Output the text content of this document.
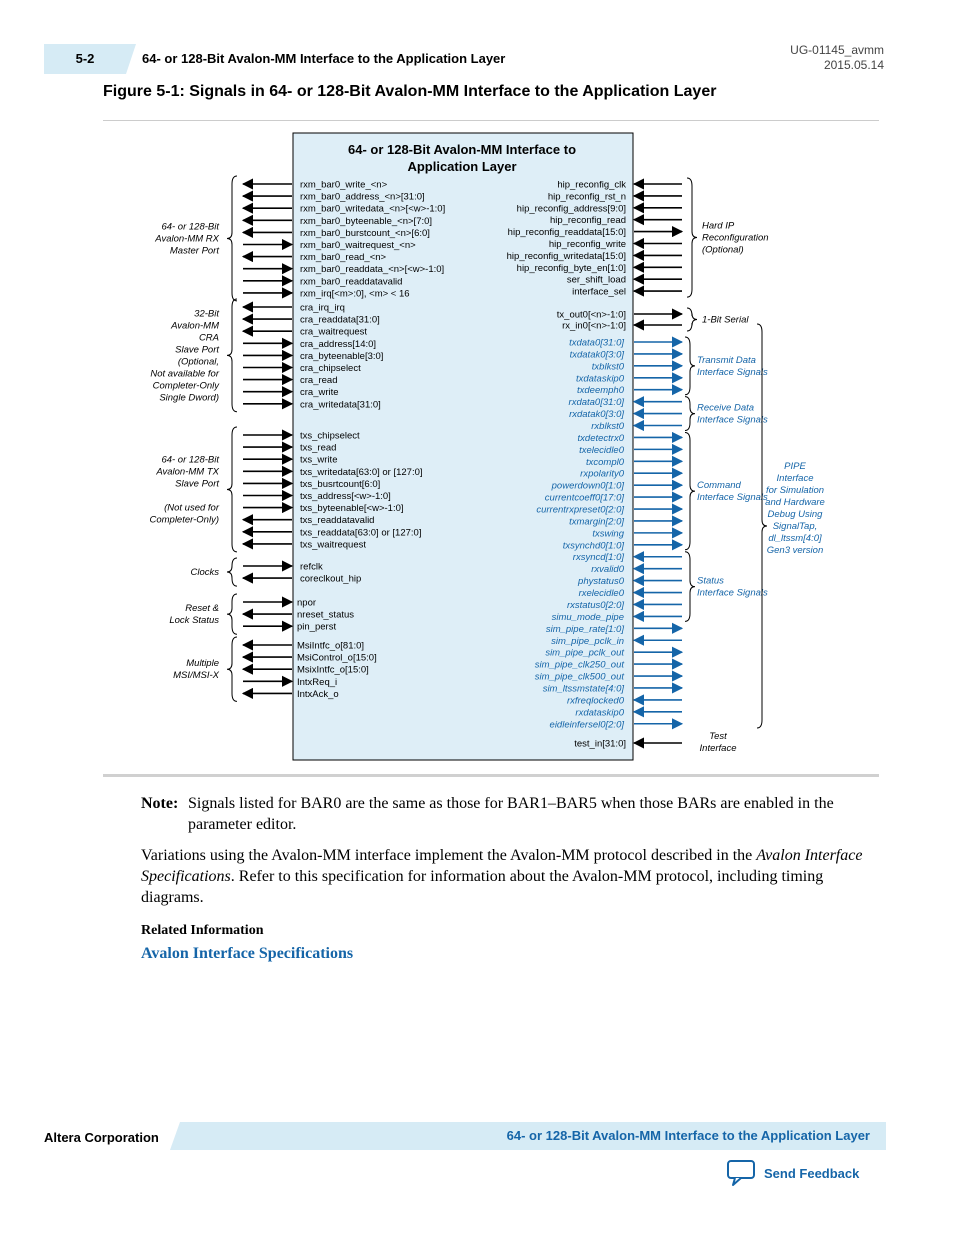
5-2	64- or 128-Bit Avalon-MM Interface to the Application Layer
UG-01145_avmm
2015.05.14
Figure 5-1: Signals in 64- or 128-Bit Avalon-MM Interface to the Application Layer
64- or 128-Bit Avalon-MM Interface to
Application Layer
rxm_bar0_write_<n>
rxm_bar0_address_<n>[31:0]
rxm_bar0_writedata_<n>[<w>-1:0]
rxm_bar0_byteenable_<n>[7:0]
rxm_bar0_burstcount_<n>[6:0]
rxm_bar0_waitrequest_<n>
rxm_bar0_read_<n>
rxm_bar0_readdata_<n>[<w>-1:0]
rxm_bar0_readdatavalid
rxm_irq[<m>:0], <m> < 16
64- or 128-Bit
Avalon-MM RX
Master Port
cra_irq_irq
cra_readdata[31:0]
cra_waitrequest
cra_address[14:0]
cra_byteenable[3:0]
cra_chipselect
cra_read
cra_write
cra_writedata[31:0]
32-Bit
Avalon-MM
CRA
Slave Port
(Optional,
Not available for
Completer-Only
Single Dword)
txs_chipselect
txs_read
txs_write
txs_writedata[63:0] or [127:0]
txs_busrtcount[6:0]
txs_address[<w>-1:0]
txs_byteenable[<w>-1:0]
txs_readdatavalid
txs_readdata[63:0] or [127:0]
txs_waitrequest
64- or 128-Bit
Avalon-MM TX
Slave Port
(Not used for
Completer-Only)
refclk
coreclkout_hip
Clocks
npor
nreset_status
pin_perst
Reset &
Lock Status
MsiIntfc_o[81:0]
MsiControl_o[15:0]
MsixIntfc_o[15:0]
IntxReq_i
IntxAck_o
Multiple
MSI/MSI-X
hip_reconfig_clk
hip_reconfig_rst_n
hip_reconfig_address[9:0]
hip_reconfig_read
hip_reconfig_readdata[15:0]
hip_reconfig_write
hip_reconfig_writedata[15:0]
hip_reconfig_byte_en[1:0]
ser_shift_load
interface_sel
Hard IP
Reconfiguration
(Optional)
tx_out0[<n>-1:0]
rx_in0[<n>-1:0]
1-Bit Serial
txdata0[31:0]
txdatak0[3:0]
txblkst0
txdataskip0
txdeemph0
rxdata0[31:0]
rxdatak0[3:0]
rxblkst0
txdetectrx0
txelecidle0
txcompl0
rxpolarity0
powerdown0[1:0]
currentcoeff0[17:0]
currentrxpreset0[2:0]
txmargin[2:0]
txswing
txsynchd0[1:0]
rxsyncd[1:0]
rxvalid0
phystatus0
rxelecidle0
rxstatus0[2:0]
simu_mode_pipe
sim_pipe_rate[1:0]
sim_pipe_pclk_in
sim_pipe_pclk_out
sim_pipe_clk250_out
sim_pipe_clk500_out
sim_ltssmstate[4:0]
rxfreqlocked0
rxdataskip0
eidleinfersel0[2:0]
Transmit Data
Interface Signals
Receive Data
Interface Signals
Command
Interface Signals
Status
Interface Signals
PIPE
Interface
for Simulation
and Hardware
Debug Using
SignalTap,
dl_ltssm[4:0]
Gen3 version
test_in[31:0]
Test
Interface
Note: Signals listed for BAR0 are the same as those for BAR1–BAR5 when those BARs are enabled in the parameter editor.
Variations using the Avalon-MM interface implement the Avalon-MM protocol described in the Avalon Interface Specifications. Refer to this specification for information about the Avalon-MM protocol, including timing diagrams.
Related Information
Avalon Interface Specifications
Altera Corporation	64- or 128-Bit Avalon-MM Interface to the Application Layer
Send Feedback
